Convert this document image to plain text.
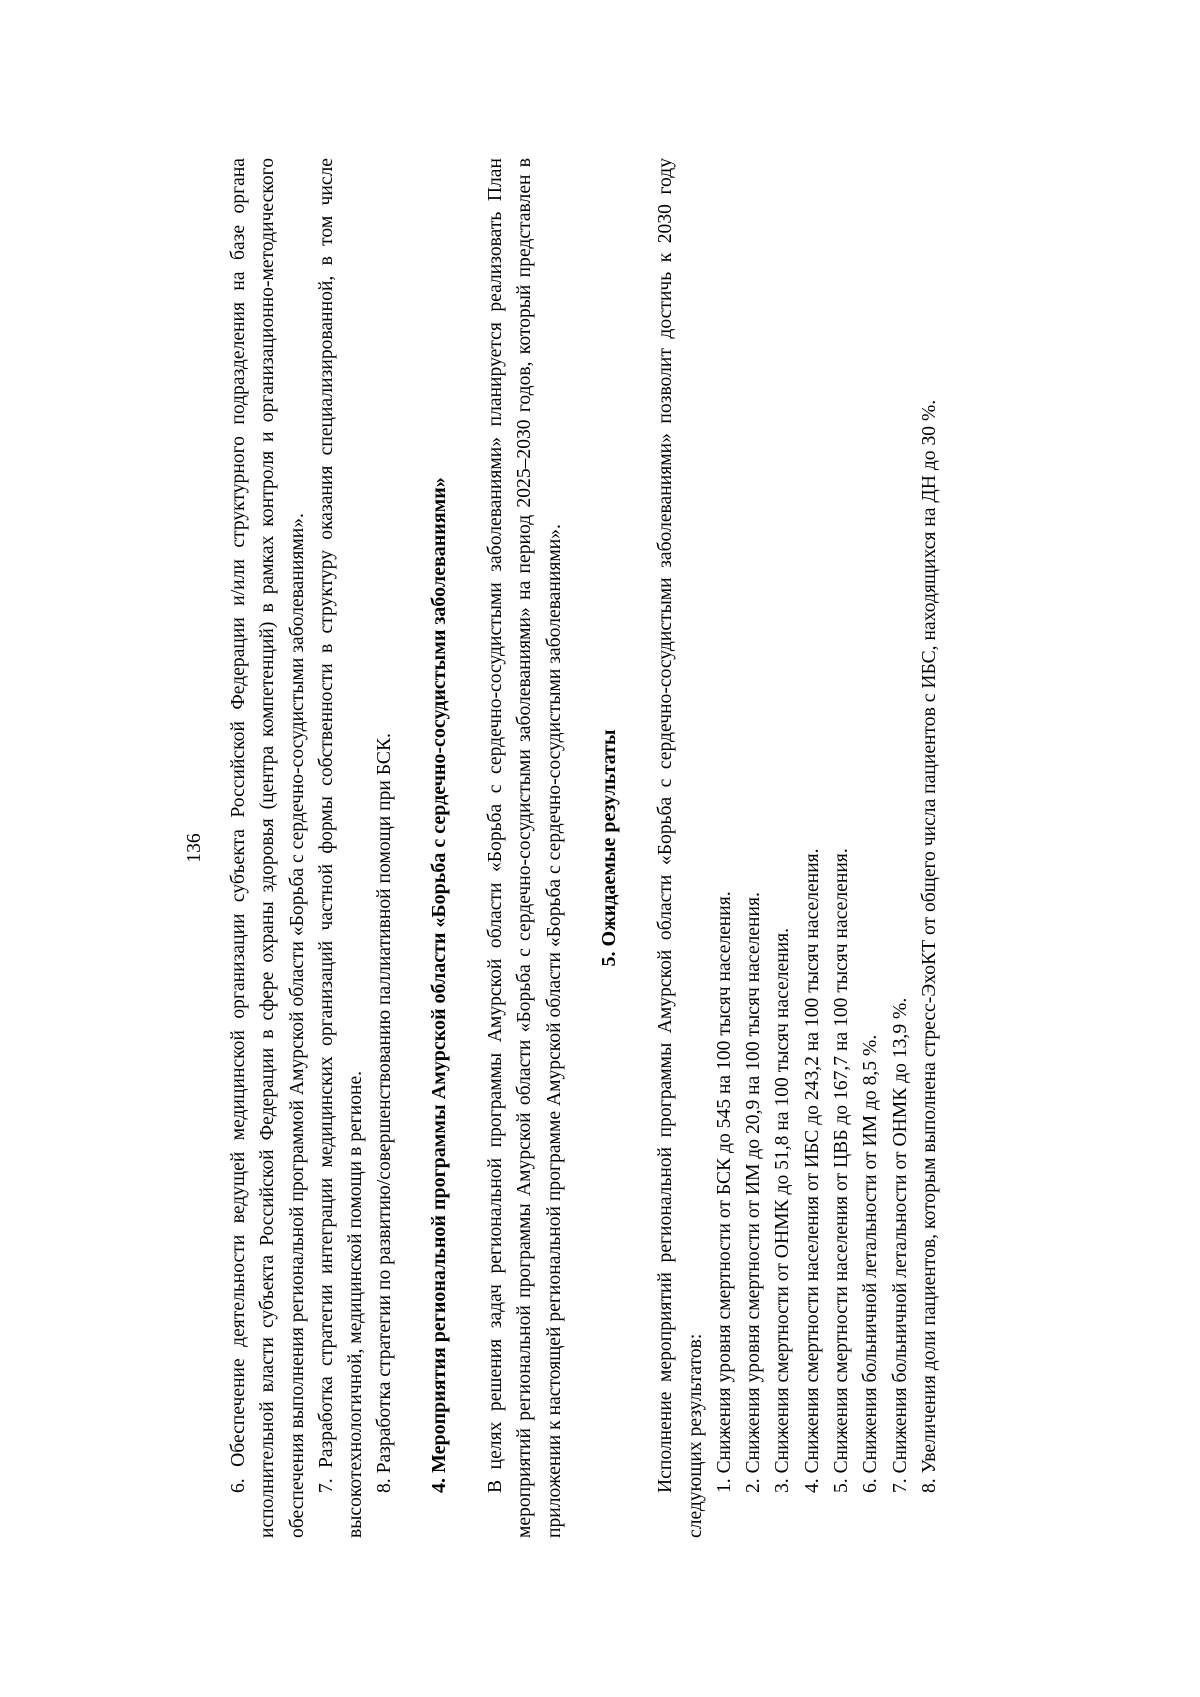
136	6. Обеспечение деятельности ведущей медицинской организации субъекта Российской Федерации и/или структурного подразделения на базе органа исполнительной власти субъекта Российской Федерации в сфере охраны здоровья (центра компетенций) в рамках контроля и организационно-методического обеспечения выполнения региональной программой Амурской области «Борьба с сердечно-сосудистыми заболеваниями». 7. Разработка стратегии интеграции медицинских организаций частной формы собственности в структуру оказания специализированной, в том числе высокотехнологичной, медицинской помощи в регионе. 8. Разработка стратегии по развитию/совершенствованию паллиативной помощи при БСК. 4. Мероприятия региональной программы Амурской области «Борьба с сердечно-сосудистыми заболеваниями» В целях решения задач региональной программы Амурской области «Борьба с сердечно-сосудистыми заболеваниями» планируется реализовать План мероприятий региональной программы Амурской области «Борьба с сердечно-сосудистыми заболеваниями» на период 2025–2030 годов, который представлен в приложении к настоящей региональной программе Амурской области «Борьба с сердечно-сосудистыми заболеваниями». 5. Ожидаемые результаты Исполнение мероприятий региональной программы Амурской области «Борьба с сердечно-сосудистыми заболеваниями» позволит достичь к 2030 году следующих результатов: 1. Снижения уровня смертности от БСК до 545 на 100 тысяч населения. 2. Снижения уровня смертности от ИМ до 20,9 на 100 тысяч населения. 3. Снижения смертности от ОНМК до 51,8 на 100 тысяч населения. 4. Снижения смертности населения от ИБС до 243,2 на 100 тысяч населения. 5. Снижения смертности населения от ЦВБ до 167,7 на 100 тысяч населения. 6. Снижения больничной летальности от ИМ до 8,5 %. 7. Снижения больничной летальности от ОНМК до 13,9 %. 8. Увеличения доли пациентов, которым выполнена стресс-ЭхоКТ от общего числа пациентов с ИБС, находящихся на ДН до 30 %.
